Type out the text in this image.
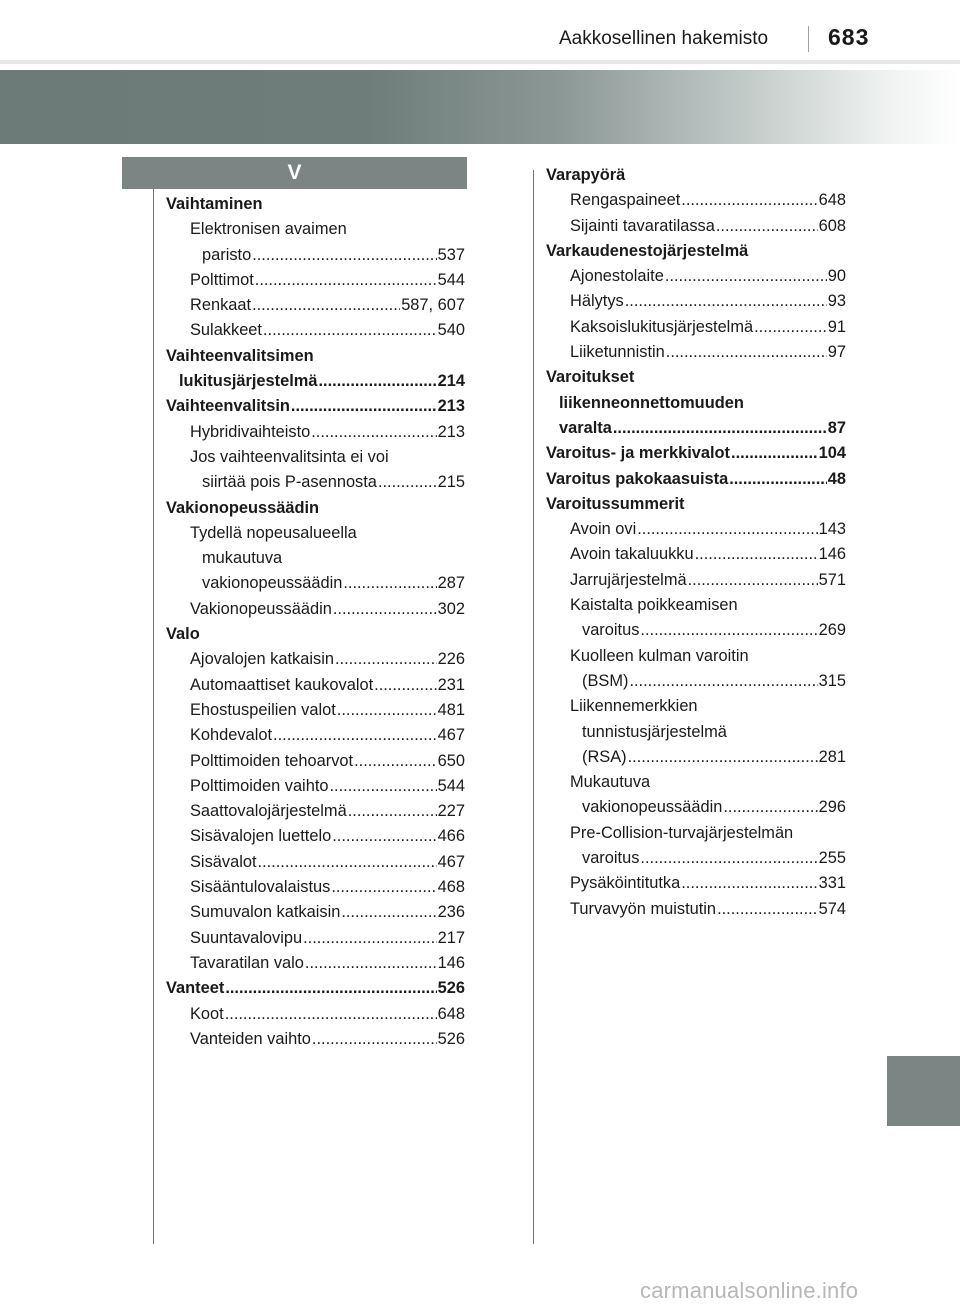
Aakkosellinen hakemisto	683
V
Vaihtaminen
Elektronisen avaimen
paristo .....	537
Polttimot .....	544
Renkaat .....	587, 607
Sulakkeet .....	540
Vaihteenvalitsimen
lukitusjärjestelmä .....	214
Vaihteenvalitsin .....	213
Hybridivaihteisto .....	213
Jos vaihteenvalitsinta ei voi
siirtää pois P-asennosta .....	215
Vakionopeussäädin
Tydellä nopeusalueella
mukautuva
vakionopeussäädin .....	287
Vakionopeussäädin .....	302
Valo
Ajovalojen katkaisin .....	226
Automaattiset kaukovalot .....	231
Ehostuspeilien valot .....	481
Kohdevalot .....	467
Polttimoiden tehoarvot .....	650
Polttimoiden vaihto .....	544
Saattovalojärjestelmä .....	227
Sisävalojen luettelo .....	466
Sisävalot .....	467
Sisääntulovalaistus .....	468
Sumuvalon katkaisin .....	236
Suuntavalovipu .....	217
Tavaratilan valo .....	146
Vanteet .....	526
Koot .....	648
Vanteiden vaihto .....	526
Varapyörä
Rengaspaineet .....	648
Sijainti tavaratilassa .....	608
Varkaudenestojärjestelmä
Ajonestolaite .....	90
Hälytys .....	93
Kaksoislukitusjärjestelmä .....	91
Liiketunnistin .....	97
Varoitukset
liikenneonnettomuuden
varalta .....	87
Varoitus- ja merkkivalot .....	104
Varoitus pakokaasuista .....	48
Varoitussummerit
Avoin ovi .....	143
Avoin takaluukku .....	146
Jarrujärjestelmä .....	571
Kaistalta poikkeamisen
varoitus .....	269
Kuolleen kulman varoitin
(BSM) .....	315
Liikennemerkkien
tunnistusjärjestelmä
(RSA) .....	281
Mukautuva
vakionopeussäädin .....	296
Pre-Collision-turvajärjestelmän
varoitus .....	255
Pysäköintitutka .....	331
Turvavyön muistutin .....	574
carmanualsonline.info
